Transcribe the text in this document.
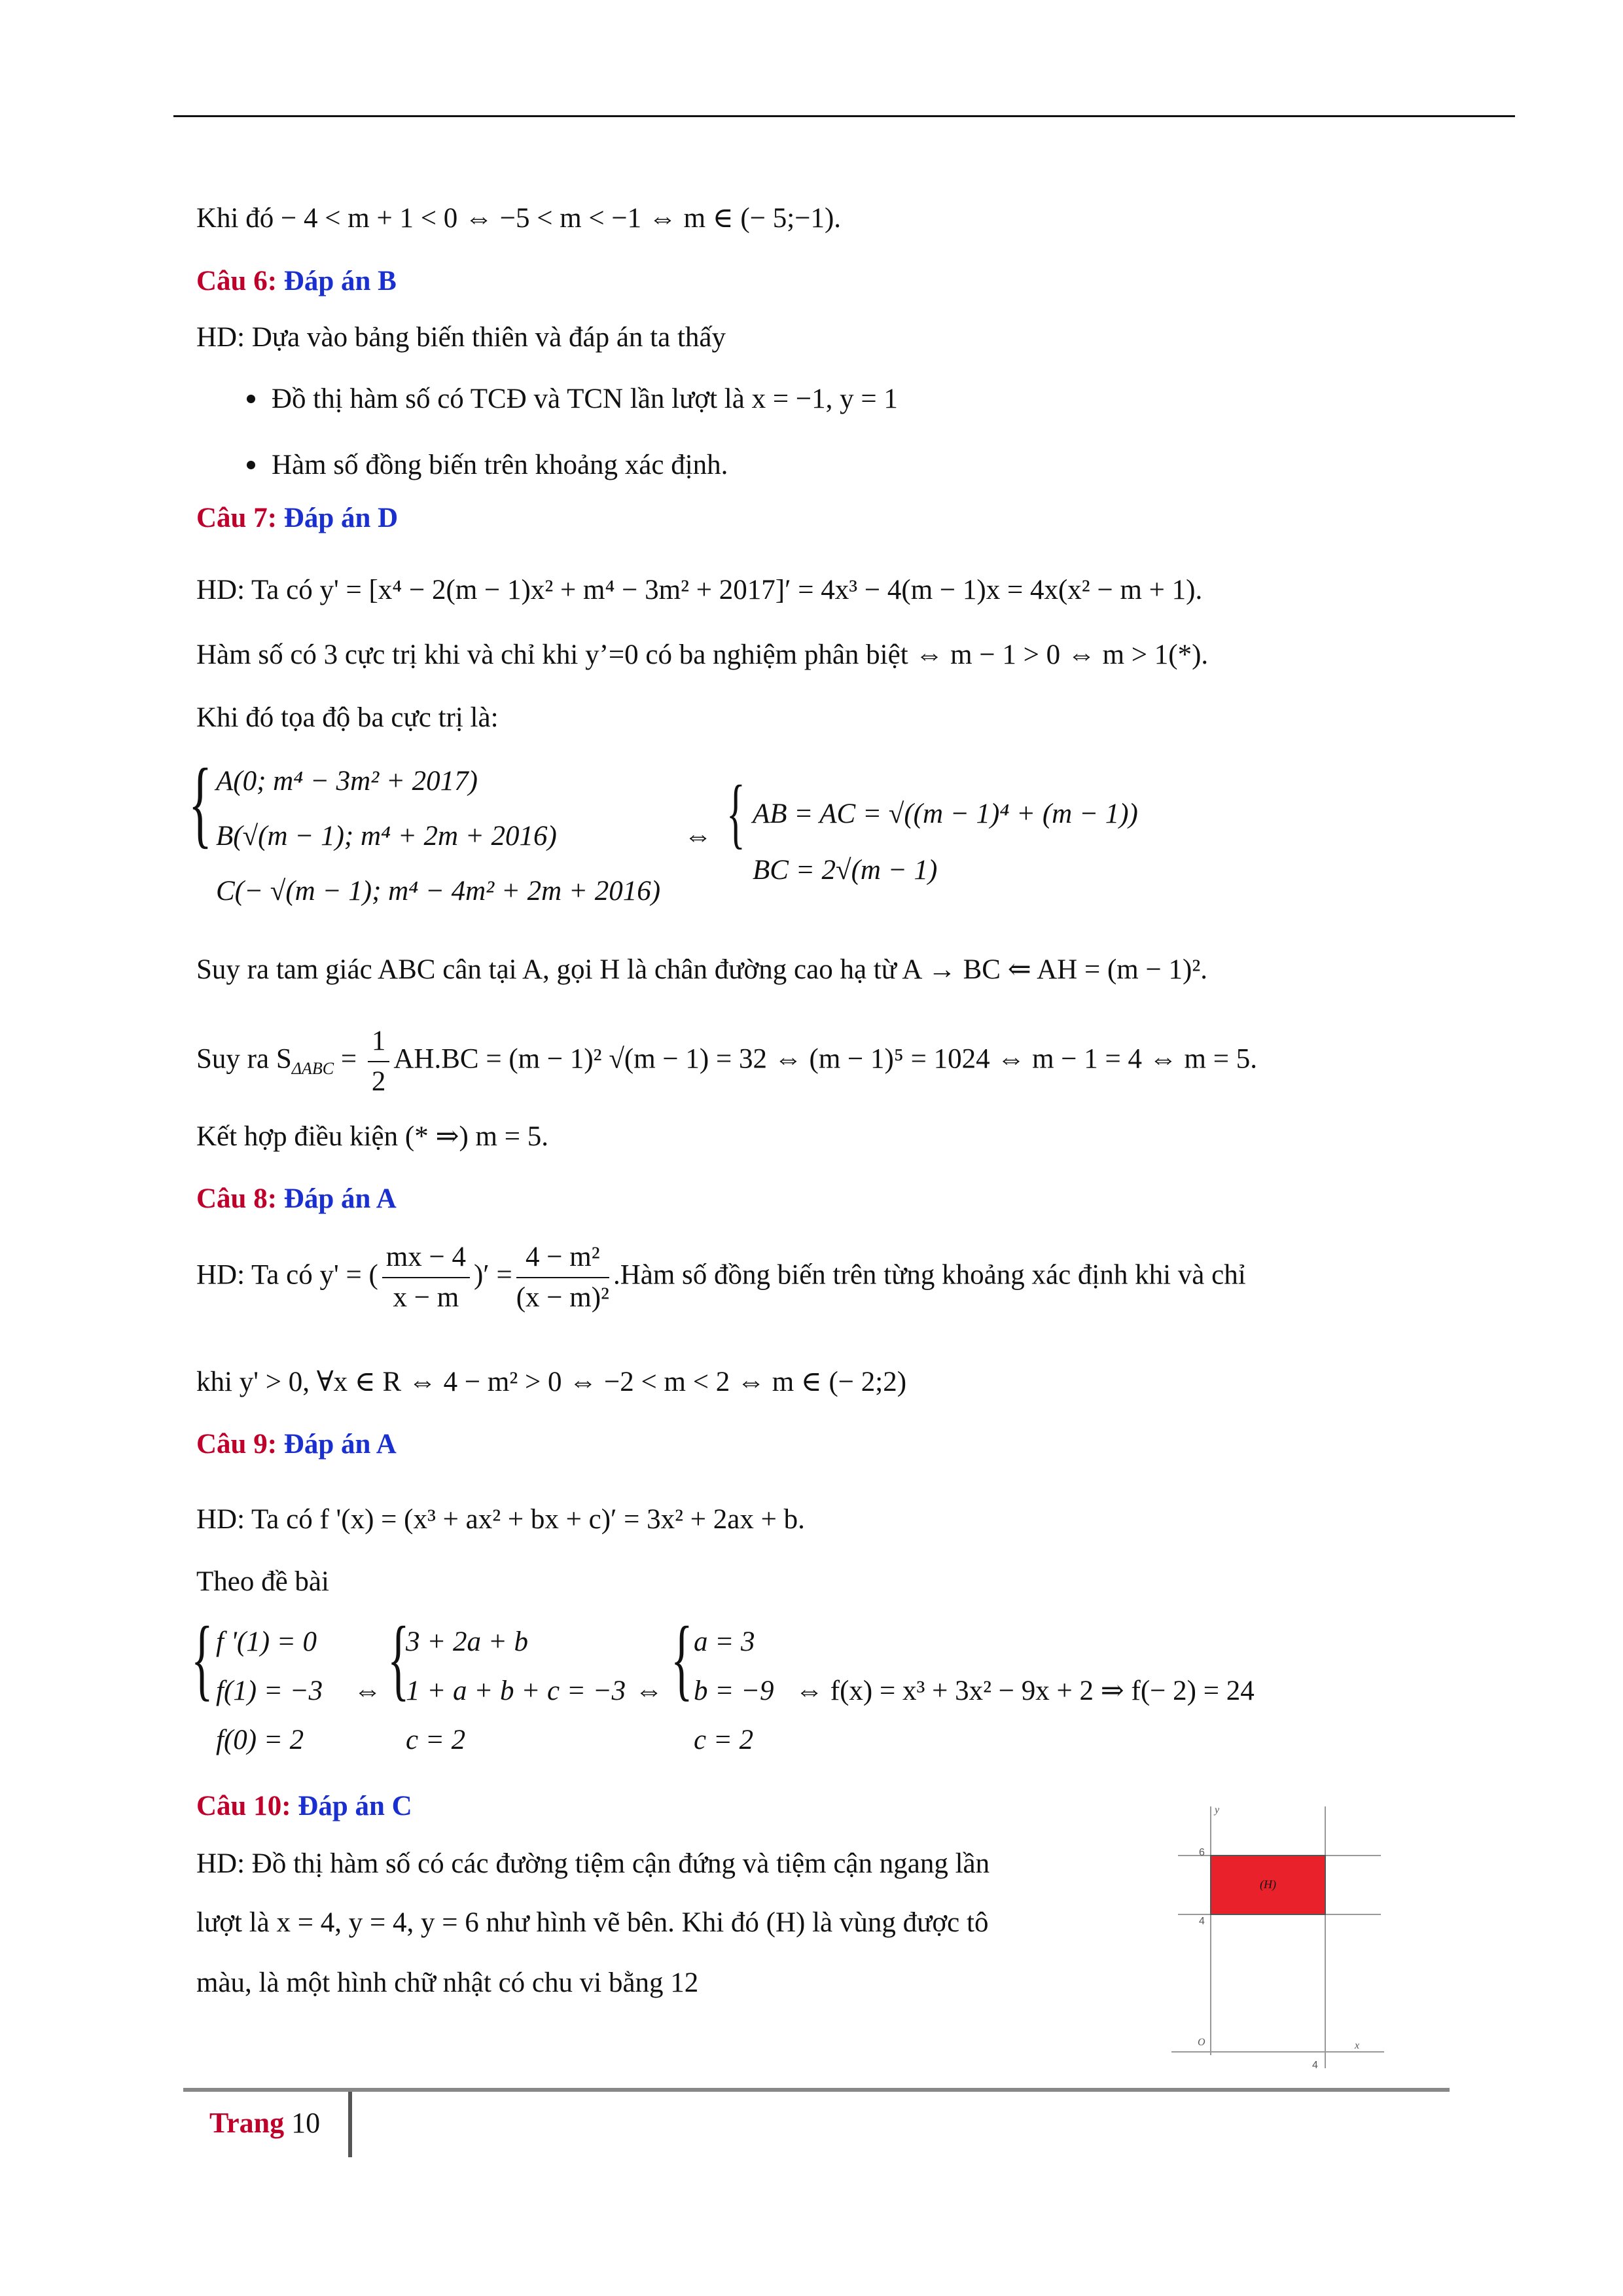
Khi đó − 4 < m + 1 < 0 ⇔ −5 < m < −1 ⇔ m ∈ (− 5;−1).
Câu 6: Đáp án B
HD: Dựa vào bảng biến thiên và đáp án ta thấy
Đồ thị hàm số có TCĐ và TCN lần lượt là x = −1, y = 1
Hàm số đồng biến trên khoảng xác định.
Câu 7: Đáp án D
HD: Ta có y' = [x⁴ − 2(m − 1)x² + m⁴ − 3m² + 2017]′ = 4x³ − 4(m − 1)x = 4x(x² − m + 1).
Hàm số có 3 cực trị khi và chỉ khi y’=0 có ba nghiệm phân biệt ⇔ m − 1 > 0 ⇔ m > 1(*).
Khi đó tọa độ ba cực trị là:
{ A(0; m⁴ − 3m² + 2017)
B(√(m − 1); m⁴ + 2m + 2016)
C(− √(m − 1); m⁴ − 4m² + 2m + 2016)
⇔ { AB = AC = √((m − 1)⁴ + (m − 1))
BC = 2√(m − 1)
Suy ra tam giác ABC cân tại A, gọi H là chân đường cao hạ từ A → BC ⇐ AH = (m − 1)².
Suy ra $S_{\Delta ABC} = \frac{1}{2} AH.BC = (m - 1)^2$ √(m − 1) = 32 ⇔ (m − 1)⁵ = 1024 ⇔ m − 1 = 4 ⇔ m = 5.
Kết hợp điều kiện (* ⇒) m = 5.
Câu 8: Đáp án A
HD: Ta có y' = ( $\frac{mx - 4}{x - m}$ )′ = $\frac{\text{4 − m²}}{\text{(x − m)²}}$ .Hàm số đồng biến trên từng khoảng xác định khi và chỉ
khi y' > 0, ∀x ∈ R ⇔ 4 − m² > 0 ⇔ −2 < m < 2 ⇔ m ∈ (− 2;2)
Câu 9: Đáp án A
HD: Ta có f '(x) = (x³ + ax² + bx + c)′ = 3x² + 2ax + b.
Theo đề bài
{ f '(1) = 0
f(1) = −3
f(0) = 2
⇔ {
3 + 2a + b
1 + a + b + c = −3
c = 2
⇔ { a = 3
b = −9
c = 2
⇔ f(x) = x³ + 3x² − 9x + 2 ⇒ f(− 2) = 24
Câu 10: Đáp án C
HD: Đồ thị hàm số có các đường tiệm cận đứng và tiệm cận ngang lần
lượt là x = 4, y = 4, y = 6 như hình vẽ bên. Khi đó (H) là vùng được tô
màu, là một hình chữ nhật có chu vi bằng 12
(H)
6
4
O
4
x
y
Trang 10
